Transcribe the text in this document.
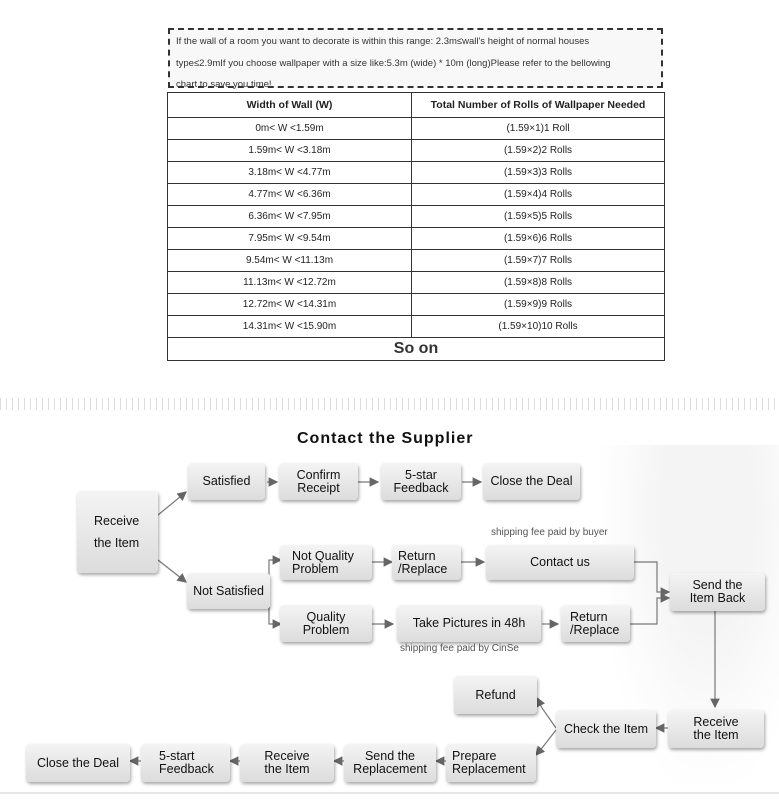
If the wall of a room you want to decorate is within this range: 2.3m≤wall's height of normal houses
type≤2.9mIf you choose wallpaper with a size like:5.3m (wide) * 10m (long)Please refer to the bellowing
chart to save you time!
Width of Wall (W)	Total Number of Rolls of Wallpaper Needed
0m< W <1.59m	(1.59×1)1 Roll
1.59m< W <3.18m	(1.59×2)2 Rolls
3.18m< W <4.77m	(1.59×3)3 Rolls
4.77m< W <6.36m	(1.59×4)4 Rolls
6.36m< W <7.95m	(1.59×5)5 Rolls
7.95m< W <9.54m	(1.59×6)6 Rolls
9.54m< W <11.13m	(1.59×7)7 Rolls
11.13m< W <12.72m	(1.59×8)8 Rolls
12.72m< W <14.31m	(1.59×9)9 Rolls
14.31m< W <15.90m	(1.59×10)10 Rolls
So on	
Contact the Supplier
Receive
the Item
Satisfied	Confirm
Receipt
5-star
Feedback	Close the Deal
Not Satisfied
Not Quality
Problem
Return
/Replace
shipping fee paid by buyer
Contact us
Quality
Problem	Take Pictures in 48h
shipping fee paid by CinSe
Return
/Replace
Send the
Item Back
Receive
the Item
Check the Item
Refund
Prepare
Replacement
Send the
Replacement
Receive
the Item
5-start
Feedback
Close the Deal
